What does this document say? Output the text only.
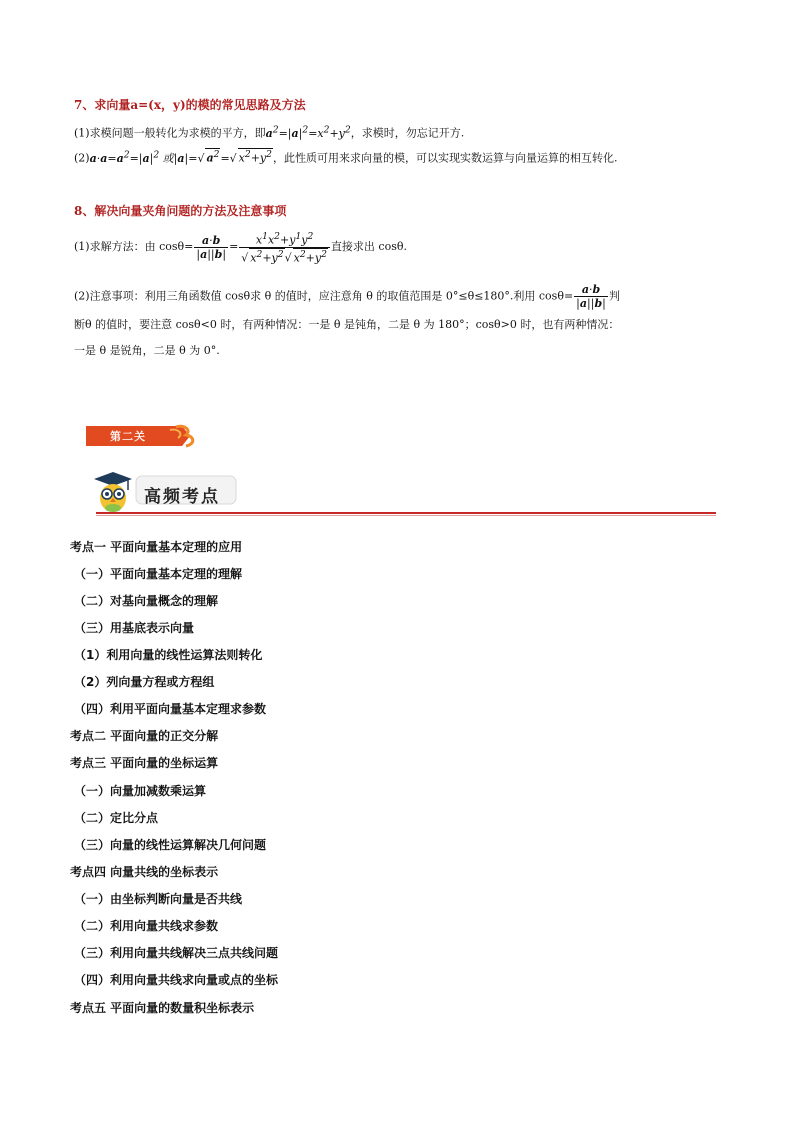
7、求向量a=(x，y)的模的常见思路及方法
(1)求模问题一般转化为求模的平方，即$a^2=|a|^2=x^2+y^2$，求模时，勿忘记开方.
$(2)a\cdot a=a^2=|a|^2$ 或|a|=√ $a^2=√$ $x^2+y^2$，此性质可用来求向量的模，可以实现实数运算与向量运算的相互转化.
8、解决向量夹角问题的方法及注意事项
(1)求解方法：由 $\cos\theta= \frac{a\cdot b}{|a||b|} = \frac{x^1x^2+y^1y^2}{√ x^2+y^2√ x^2+y^2}$ 直接求出 cosθ.
(2)注意事项：利用三角函数值 cosθ求 θ 的值时，应注意角 θ 的取值范围是 0°≤θ≤180°.利用 $\cos\theta= \frac{a\cdot b}{|a||b|}$ 判
断θ 的值时，要注意 cosθ<0 时，有两种情况：一是 θ 是钝角，二是 θ 为 180°；cosθ>0 时，也有两种情况：
一是 θ 是锐角，二是 θ 为 0°.
第二关
高频考点
考点一 平面向量基本定理的应用
（一）平面向量基本定理的理解
（二）对基向量概念的理解
（三）用基底表示向量
（1）利用向量的线性运算法则转化
（2）列向量方程或方程组
（四）利用平面向量基本定理求参数
考点二 平面向量的正交分解
考点三 平面向量的坐标运算
（一）向量加减数乘运算
（二）定比分点
（三）向量的线性运算解决几何问题
考点四 向量共线的坐标表示
（一）由坐标判断向量是否共线
（二）利用向量共线求参数
（三）利用向量共线解决三点共线问题
（四）利用向量共线求向量或点的坐标
考点五 平面向量的数量积坐标表示
